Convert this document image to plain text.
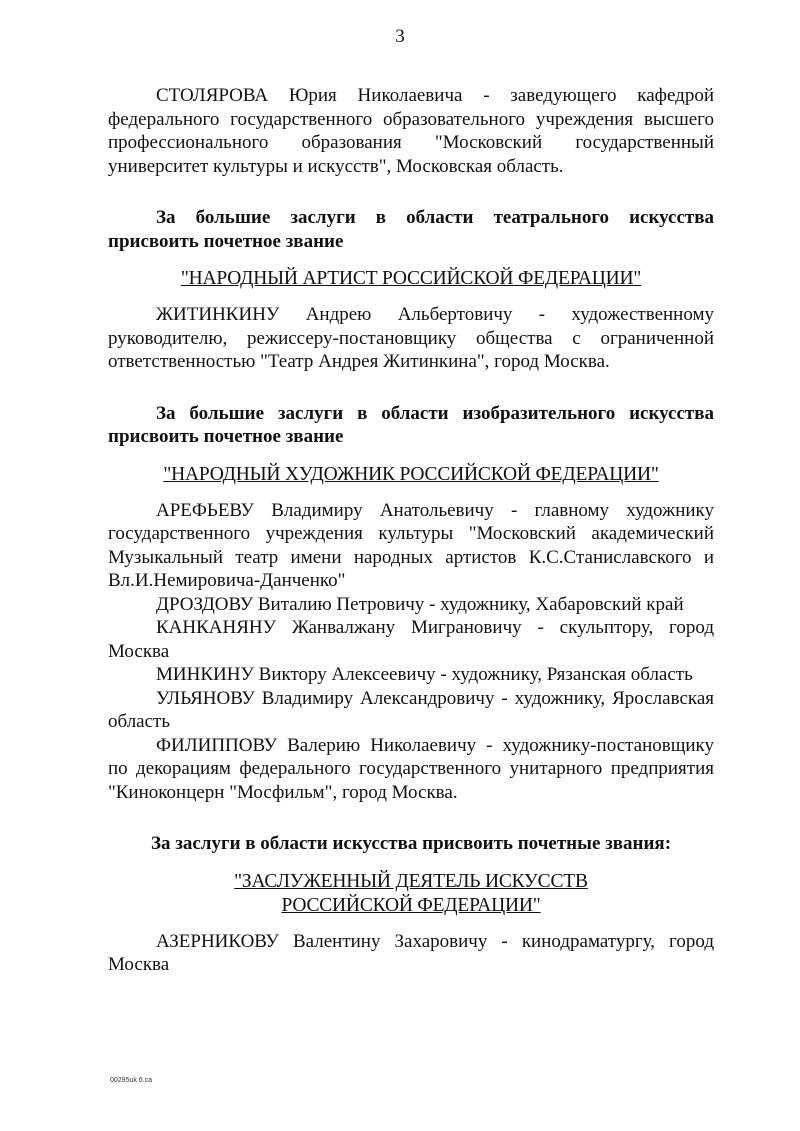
3

СТОЛЯРОВА Юрия Николаевича - заведующего кафедрой федерального государственного образовательного учреждения высшего профессионального образования "Московский государственный университет культуры и искусств", Московская область.

За большие заслуги в области театрального искусства присвоить почетное звание

"НАРОДНЫЙ АРТИСТ РОССИЙСКОЙ ФЕДЕРАЦИИ"

ЖИТИНКИНУ Андрею Альбертовичу - художественному руководителю, режиссеру-постановщику общества с ограниченной ответственностью "Театр Андрея Житинкина", город Москва.

За большие заслуги в области изобразительного искусства присвоить почетное звание

"НАРОДНЫЙ ХУДОЖНИК РОССИЙСКОЙ ФЕДЕРАЦИИ"

АРЕФЬЕВУ Владимиру Анатольевичу - главному художнику государственного учреждения культуры "Московский академический Музыкальный театр имени народных артистов К.С.Станиславского и Вл.И.Немировича-Данченко"

ДРОЗДОВУ Виталию Петровичу - художнику, Хабаровский край

КАНКАНЯНУ Жанвалжану Миграновичу - скульптору, город Москва

МИНКИНУ Виктору Алексеевичу - художнику, Рязанская область

УЛЬЯНОВУ Владимиру Александровичу - художнику, Ярославская область

ФИЛИППОВУ Валерию Николаевичу - художнику-постановщику по декорациям федерального государственного унитарного предприятия "Киноконцерн "Мосфильм", город Москва.

За заслуги в области искусства присвоить почетные звания:

"ЗАСЛУЖЕННЫЙ ДЕЯТЕЛЬ ИСКУССТВ
РОССИЙСКОЙ ФЕДЕРАЦИИ"

АЗЕРНИКОВУ Валентину Захаровичу - кинодраматургу, город Москва

00295uk 6.ca
